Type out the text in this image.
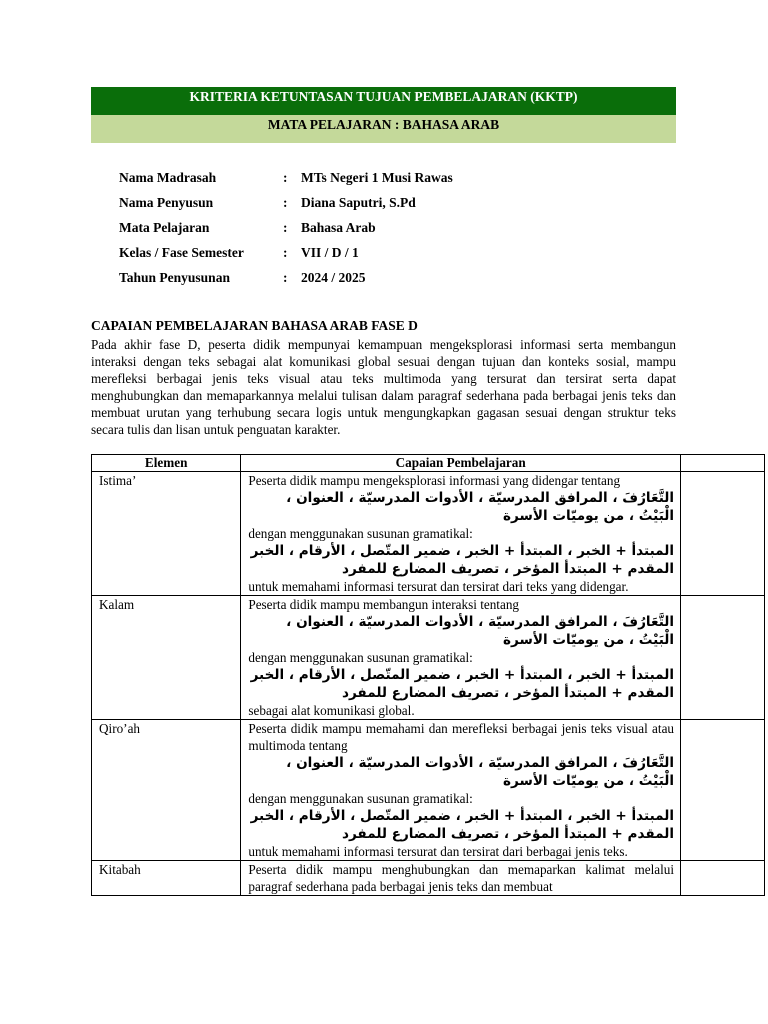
KRITERIA KETUNTASAN TUJUAN PEMBELAJARAN (KKTP)
MATA PELAJARAN : BAHASA ARAB
Nama Madrasah	: MTs Negeri 1 Musi Rawas
Nama Penyusun	: Diana Saputri, S.Pd
Mata Pelajaran	: Bahasa Arab
Kelas / Fase Semester	: VII / D / 1
Tahun Penyusunan	: 2024 / 2025
CAPAIAN PEMBELAJARAN BAHASA ARAB FASE D
Pada akhir fase D, peserta didik mempunyai kemampuan mengeksplorasi informasi serta membangun interaksi dengan teks sebagai alat komunikasi global sesuai dengan tujuan dan konteks sosial, mampu merefleksi berbagai jenis teks visual atau teks multimoda yang tersurat dan tersirat serta dapat menghubungkan dan memaparkannya melalui tulisan dalam paragraf sederhana pada berbagai jenis teks dan membuat urutan yang terhubung secara logis untuk mengungkapkan gagasan sesuai dengan struktur teks secara tulis dan lisan untuk penguatan karakter.
Elemen	Capaian Pembelajaran	
Istima’	Peserta didik mampu mengeksplorasi informasi yang didengar tentang
التَّعَارُفَ ، المرافق المدرسيّة ، الأدوات المدرسيّة ، العنوان ، الْبَيْتُ ، من يوميّات الأسرة
dengan menggunakan susunan gramatikal:
المبتدأ + الخبر ، المبتدأ + الخبر ، ضمير المتّصل ، الأرقام ، الخبر المقدم + المبتدأ المؤخر ، تصريف المضارع للمفرد
untuk memahami informasi tersurat dan tersirat dari teks yang didengar.	

Kalam	Peserta didik mampu membangun interaksi tentang
التَّعَارُفَ ، المرافق المدرسيّة ، الأدوات المدرسيّة ، العنوان ، الْبَيْتُ ، من يوميّات الأسرة
dengan menggunakan susunan gramatikal:
المبتدأ + الخبر ، المبتدأ + الخبر ، ضمير المتّصل ، الأرقام ، الخبر المقدم + المبتدأ المؤخر ، تصريف المضارع للمفرد
sebagai alat komunikasi global.	

Qiro’ah	Peserta didik mampu memahami dan merefleksi berbagai jenis teks visual atau multimoda tentang
التَّعَارُفَ ، المرافق المدرسيّة ، الأدوات المدرسيّة ، العنوان ، الْبَيْتُ ، من يوميّات الأسرة
dengan menggunakan susunan gramatikal:
المبتدأ + الخبر ، المبتدأ + الخبر ، ضمير المتّصل ، الأرقام ، الخبر المقدم + المبتدأ المؤخر ، تصريف المضارع للمفرد
untuk memahami informasi tersurat dan tersirat dari berbagai jenis teks.	

Kitabah	Peserta didik mampu menghubungkan dan memaparkan kalimat melalui paragraf sederhana pada berbagai jenis teks dan membuat	
